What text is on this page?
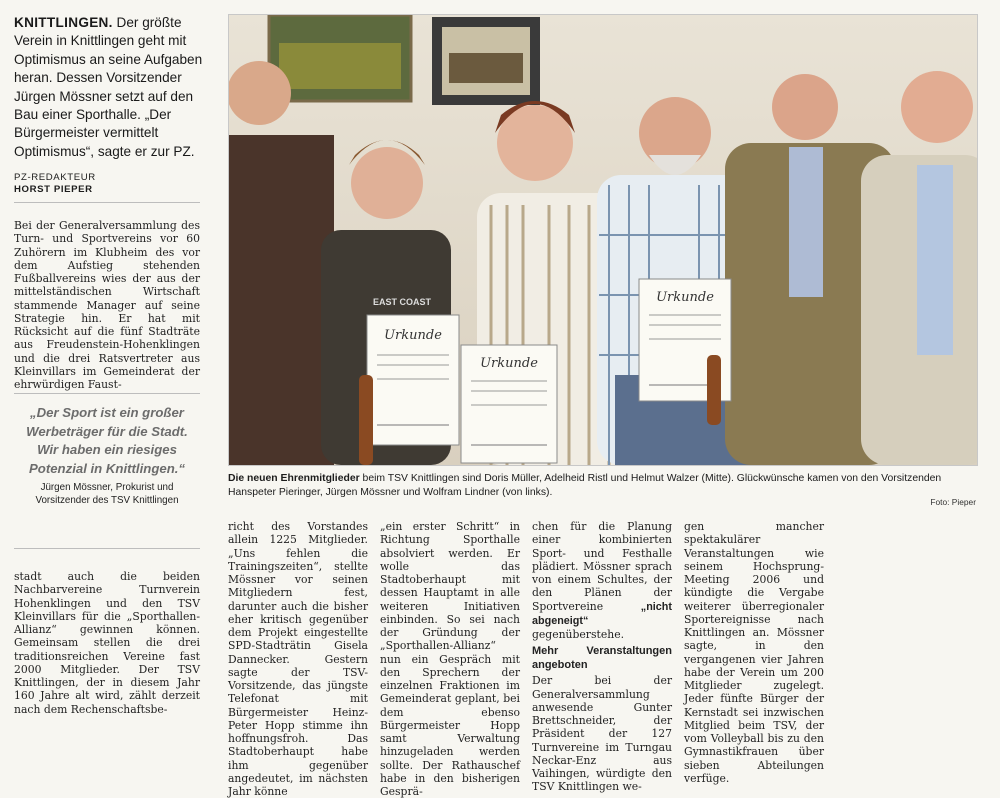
KNITTLINGEN. Der größte Verein in Knittlingen geht mit Optimismus an seine Aufgaben heran. Dessen Vorsitzender Jürgen Mössner setzt auf den Bau einer Sporthalle. „Der Bürgermeister vermittelt Optimismus“, sagte er zur PZ.
PZ-REDAKTEUR
HORST PIEPER

Bei der Generalversammlung des Turn- und Sportvereins vor 60 Zuhörern im Klubheim des vor dem Aufstieg stehenden Fußballvereins wies der aus der mittelständischen Wirtschaft stammende Manager auf seine Strategie hin. Er hat mit Rücksicht auf die fünf Stadträte aus Freudenstein-Hohenklingen und die drei Ratsvertreter aus Kleinvillars im Gemeinderat der ehrwürdigen Faust-

„Der Sport ist ein großer Werbeträger für die Stadt. Wir haben ein riesiges Potenzial in Knittlingen.“
Jürgen Mössner, Prokurist und Vorsitzender des TSV Knittlingen

stadt auch die beiden Nachbarvereine Turnverein Hohenklingen und den TSV Kleinvillars für die „Sporthallen-Allianz“ gewinnen können. Gemeinsam stellen die drei traditionsreichen Vereine fast 2000 Mitglieder. Der TSV Knittlingen, der in diesem Jahr 160 Jahre alt wird, zählt derzeit nach dem Rechenschaftsbe-

Urkunde
Urkunde
Urkunde
EAST COAST
Die neuen Ehrenmitglieder beim TSV Knittlingen sind Doris Müller, Adelheid Ristl und Helmut Walzer (Mitte). Glückwünsche kamen von den Vorsitzenden Hanspeter Pieringer, Jürgen Mössner und Wolfram Lindner (von links).
Foto: Pieper

richt des Vorstandes allein 1225 Mitglieder. „Uns fehlen die Trainingszeiten“, stellte Mössner vor seinen Mitgliedern fest, darunter auch die bisher eher kritisch gegenüber dem Projekt eingestellte SPD-Stadträtin Gisela Dannecker. Gestern sagte der TSV-Vorsitzende, das jüngste Telefonat mit Bürgermeister Heinz-Peter Hopp stimme ihn hoffnungsfroh. Das Stadtoberhaupt habe ihm gegenüber angedeutet, im nächsten Jahr könne

„ein erster Schritt“ in Richtung Sporthalle absolviert werden. Er wolle das Stadtoberhaupt mit dessen Hauptamt in alle weiteren Initiativen einbinden. So sei nach der Gründung der „Sporthallen-Allianz“ nun ein Gespräch mit den Sprechern der einzelnen Fraktionen im Gemeinderat geplant, bei dem ebenso Bürgermeister Hopp samt Verwaltung hinzugeladen werden sollte. Der Rathauschef habe in den bisherigen Gesprä-

chen für die Planung einer kombinierten Sport- und Festhalle plädiert. Mössner sprach von einem Schultes, der den Plänen der Sportvereine „nicht abgeneigt“ gegenüberstehe.

Mehr Veranstaltungen angeboten

Der bei der Generalversammlung anwesende Gunter Brettschneider, der Präsident der 127 Turnvereine im Turngau Neckar-Enz aus Vaihingen, würdigte den TSV Knittlingen we-

gen mancher spektakulärer Veranstaltungen wie seinem Hochsprung-Meeting 2006 und kündigte die Vergabe weiterer überregionaler Sportereignisse nach Knittlingen an. Mössner sagte, in den vergangenen vier Jahren habe der Verein um 200 Mitglieder zugelegt. Jeder fünfte Bürger der Kernstadt sei inzwischen Mitglied beim TSV, der vom Volleyball bis zu den Gymnastikfrauen über sieben Abteilungen verfüge.
